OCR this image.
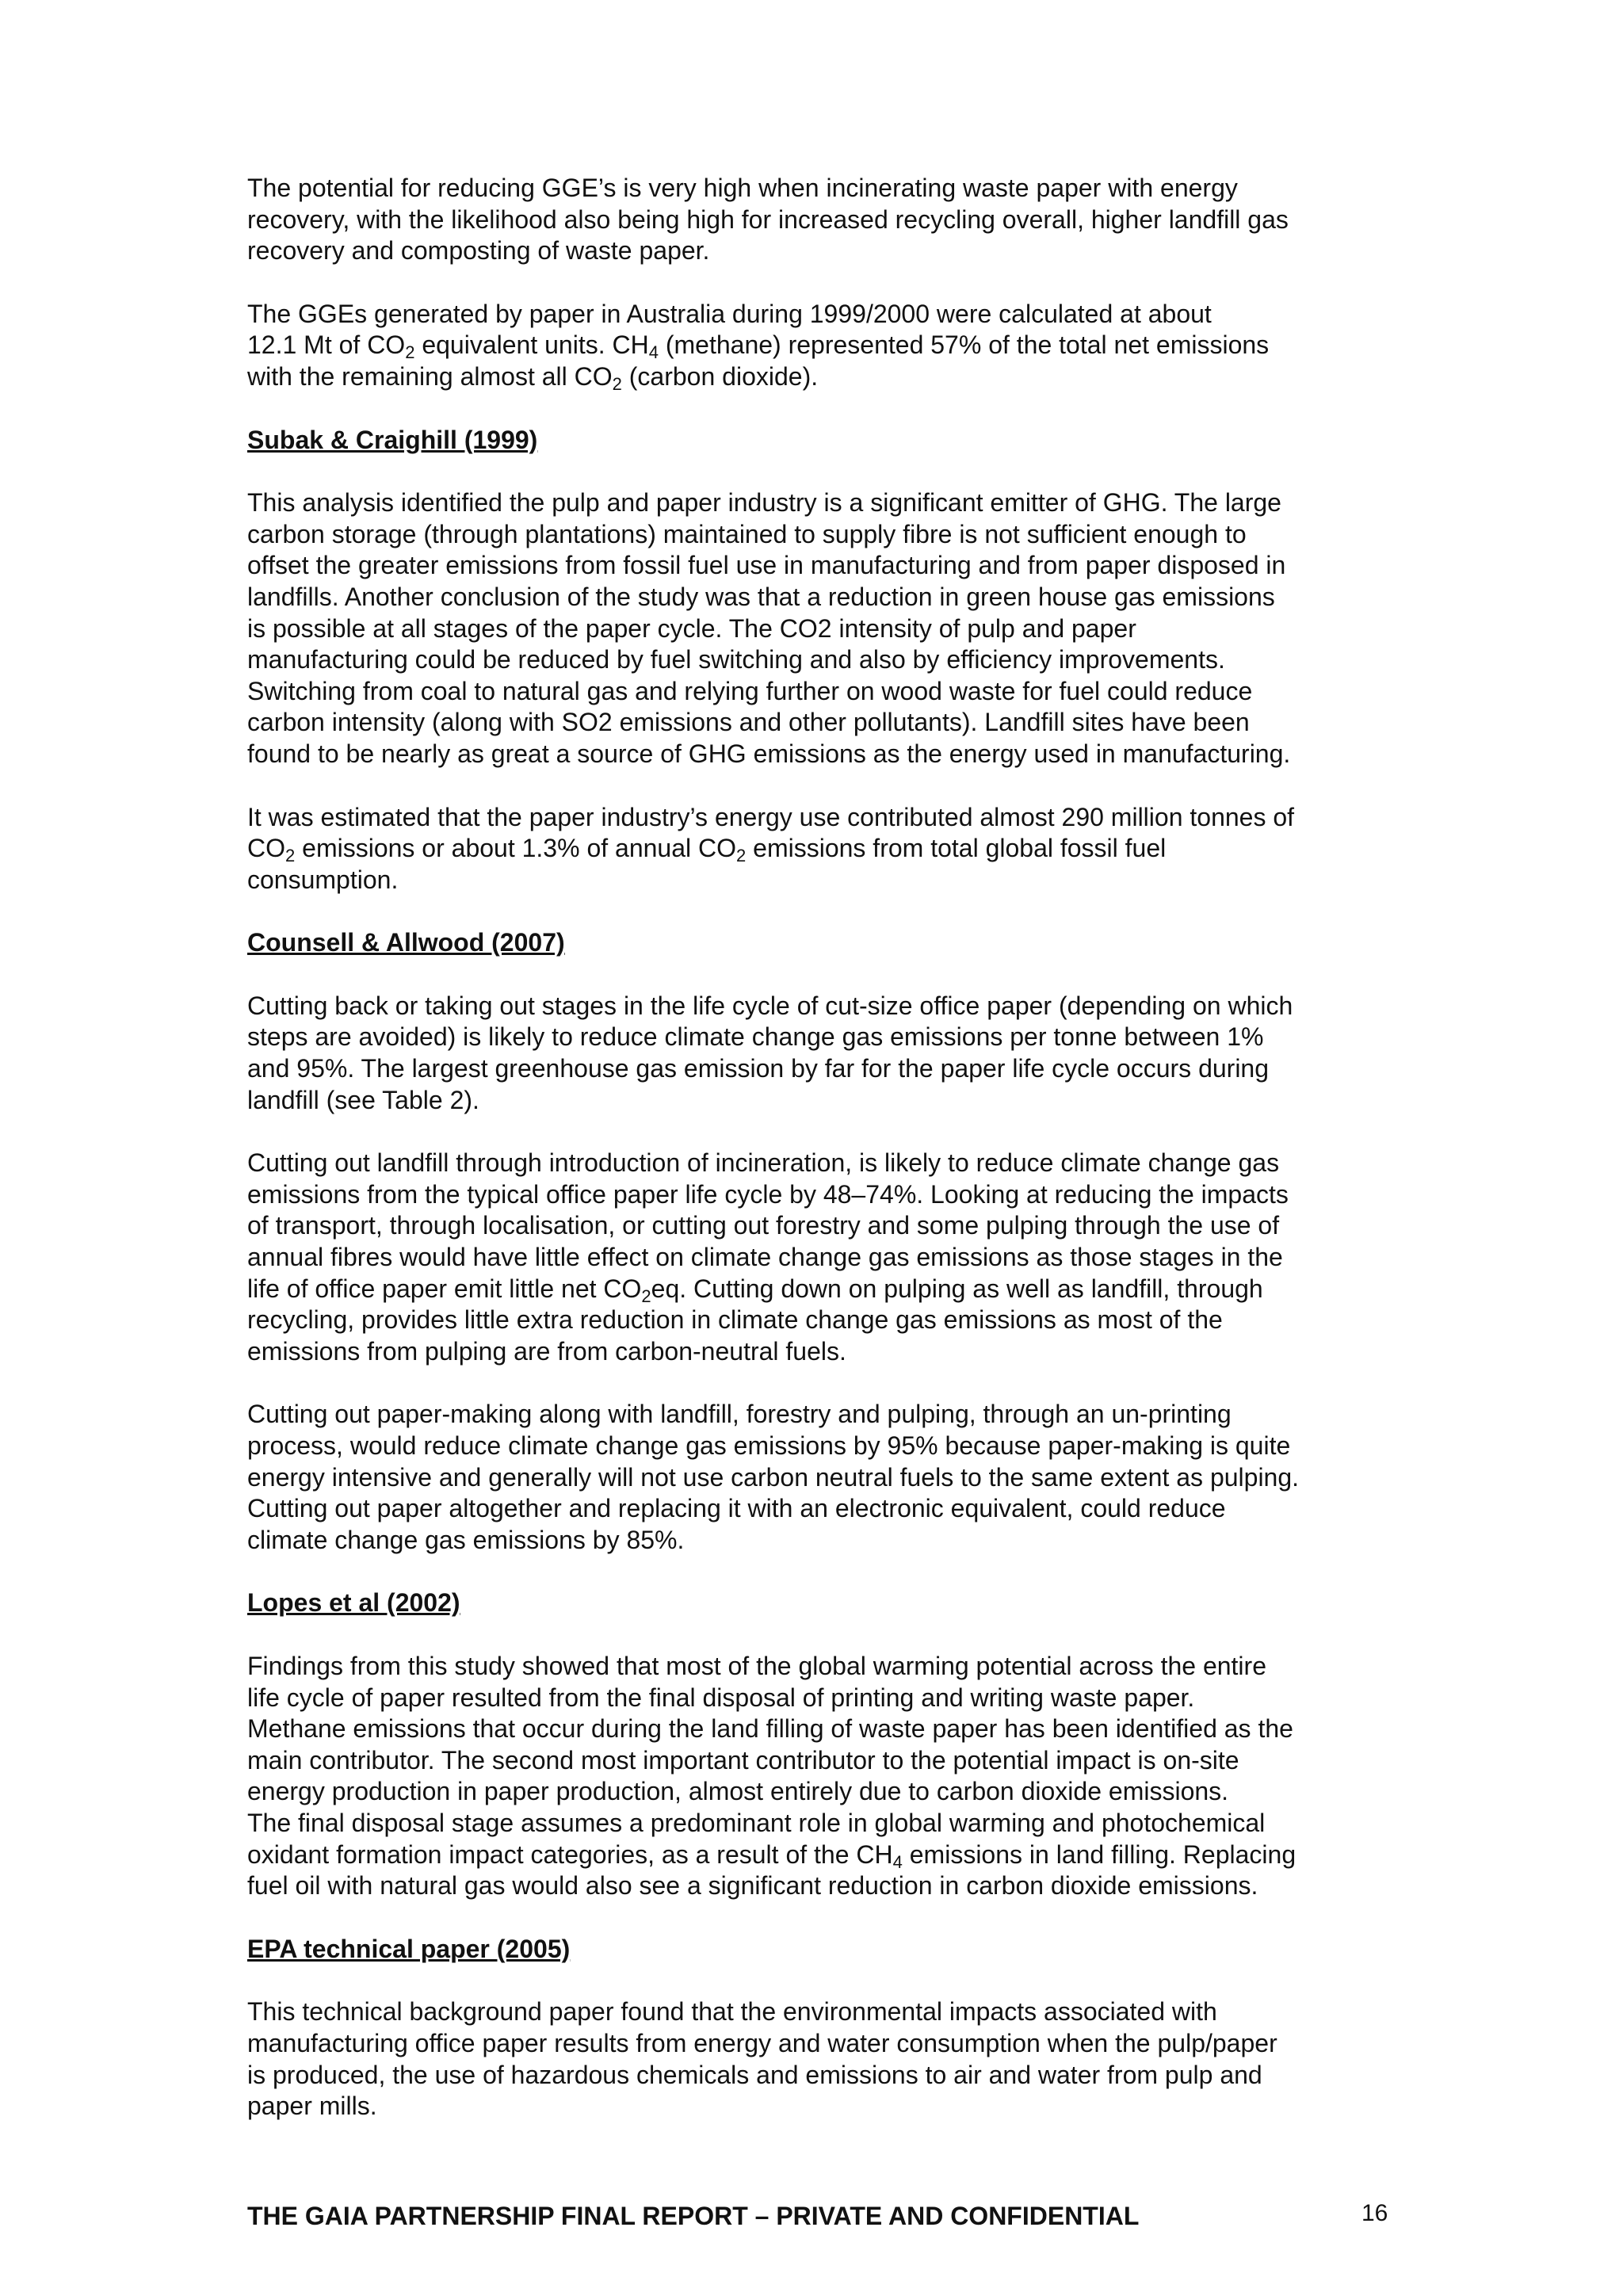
The potential for reducing GGE’s is very high when incinerating waste paper with energy
recovery, with the likelihood also being high for increased recycling overall, higher landfill gas
recovery and composting of waste paper.

The GGEs generated by paper in Australia during 1999/2000 were calculated at about
12.1 Mt of $CO_2$ equivalent units. $CH_4$ (methane) represented 57% of the total net emissions
with the remaining almost all $CO_2$ (carbon dioxide).

Subak & Craighill (1999)

This analysis identified the pulp and paper industry is a significant emitter of GHG. The large
carbon storage (through plantations) maintained to supply fibre is not sufficient enough to
offset the greater emissions from fossil fuel use in manufacturing and from paper disposed in
landfills. Another conclusion of the study was that a reduction in green house gas emissions
is possible at all stages of the paper cycle. The CO2 intensity of pulp and paper
manufacturing could be reduced by fuel switching and also by efficiency improvements.
Switching from coal to natural gas and relying further on wood waste for fuel could reduce
carbon intensity (along with SO2 emissions and other pollutants). Landfill sites have been
found to be nearly as great a source of GHG emissions as the energy used in manufacturing.

It was estimated that the paper industry’s energy use contributed almost 290 million tonnes of
$CO_2$ emissions or about 1.3% of annual $CO_2$ emissions from total global fossil fuel
consumption.

Counsell & Allwood (2007)

Cutting back or taking out stages in the life cycle of cut-size office paper (depending on which
steps are avoided) is likely to reduce climate change gas emissions per tonne between 1%
and 95%. The largest greenhouse gas emission by far for the paper life cycle occurs during
landfill (see Table 2).

Cutting out landfill through introduction of incineration, is likely to reduce climate change gas
emissions from the typical office paper life cycle by 48–74%. Looking at reducing the impacts
of transport, through localisation, or cutting out forestry and some pulping through the use of
annual fibres would have little effect on climate change gas emissions as those stages in the
life of office paper emit little net $CO_2eq$. Cutting down on pulping as well as landfill, through
recycling, provides little extra reduction in climate change gas emissions as most of the
emissions from pulping are from carbon-neutral fuels.

Cutting out paper-making along with landfill, forestry and pulping, through an un-printing
process, would reduce climate change gas emissions by 95% because paper-making is quite
energy intensive and generally will not use carbon neutral fuels to the same extent as pulping.
Cutting out paper altogether and replacing it with an electronic equivalent, could reduce
climate change gas emissions by 85%.

Lopes et al (2002)

Findings from this study showed that most of the global warming potential across the entire
life cycle of paper resulted from the final disposal of printing and writing waste paper.
Methane emissions that occur during the land filling of waste paper has been identified as the
main contributor. The second most important contributor to the potential impact is on-site
energy production in paper production, almost entirely due to carbon dioxide emissions.
The final disposal stage assumes a predominant role in global warming and photochemical
oxidant formation impact categories, as a result of the $CH_4$ emissions in land filling. Replacing
fuel oil with natural gas would also see a significant reduction in carbon dioxide emissions.

EPA technical paper (2005)

This technical background paper found that the environmental impacts associated with
manufacturing office paper results from energy and water consumption when the pulp/paper
is produced, the use of hazardous chemicals and emissions to air and water from pulp and
paper mills.

THE GAIA PARTNERSHIP FINAL REPORT – PRIVATE AND CONFIDENTIAL	16
